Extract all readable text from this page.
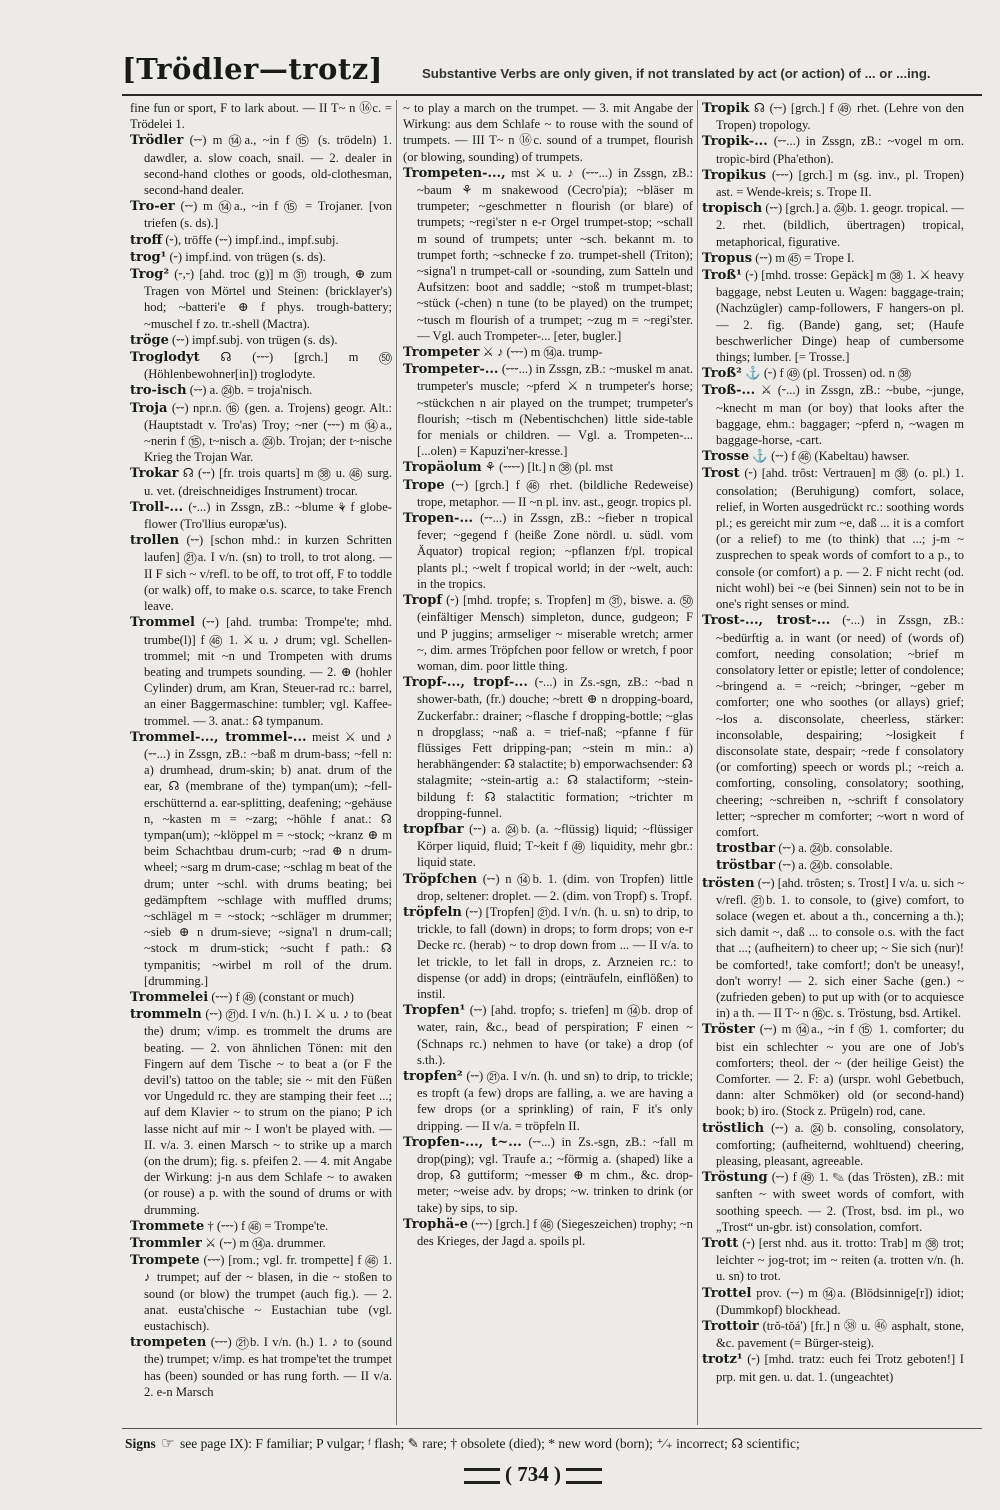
[Trödler—trotz]	Substantive Verbs are only given, if not translated by act (or action) of ... or ...ing.

fine fun or sport, F to lark about. — II T~ n ⑯c. = Trödelei 1.

Trödler (⏑⏑) m ⑭a., ~in f ⑮ (s. trödeln) 1. dawdler, a. slow coach, snail. — 2. dealer in second-hand clothes or goods, old-clothesman, second-hand dealer.

Tro-er (⏑⏑) m ⑭a., ~in f ⑮ = Trojaner. [von triefen (s. ds).]

troff (⏑), tröffe (⏑⏑) impf.ind., impf.subj.

trog¹ (⏑) impf.ind. von trügen (s. ds).

Trog² (⏑,⏑) [ahd. troc (g)] m ㉛ trough, ⊕ zum Tragen von Mörtel und Steinen: (bricklayer's) hod; ~batteri'e ⊕ f phys. trough-battery; ~muschel f zo. tr.-shell (Mactra).

tröge (⏑⏑) impf.subj. von trügen (s. ds).

Troglodyt ☊ (⏑⏑⏑) [grch.] m ㊿ (Höhlenbewohner[in]) troglodyte.

tro-isch (⏑⏑) a. ㉔b. = troja'nisch.

Troja (⏑⏑) npr.n. ⑯ (gen. a. Trojens) geogr. Alt.: (Hauptstadt v. Tro'as) Troy; ~ner (⏑⏑⏑) m ⑭a., ~nerin f ⑮, t~nisch a. ㉔b. Trojan; der t~nische Krieg the Trojan War.

Trokar ☊ (⏑⏑) [fr. trois quarts] m ㊳ u. ㊻ surg. u. vet. (dreischneidiges Instrument) trocar.

Troll-... (⏑...) in Zssgn, zB.: ~blume ⚘ f globe-flower (Tro'llius europæ'us).

trollen (⏑⏑) [schon mhd.: in kurzen Schritten laufen] ㉑a. I v/n. (sn) to troll, to trot along. — II F sich ~ v/refl. to be off, to trot off, F to toddle (or walk) off, to make o.s. scarce, to take French leave.

Trommel (⏑⏑) [ahd. trumba: Trompe'te; mhd. trumbe(l)] f ㊻ 1. ⚔ u. ♪ drum; vgl. Schellen-trommel; mit ~n und Trompeten with drums beating and trumpets sounding. — 2. ⊕ (hohler Cylinder) drum, am Kran, Steuer-rad rc.: barrel, an einer Baggermaschine: tumbler; vgl. Kaffee-trommel. — 3. anat.: ☊ tympanum.

Trommel-..., trommel-... meist ⚔ und ♪ (⏑⏑...) in Zssgn, zB.: ~baß m drum-bass; ~fell n: a) drumhead, drum-skin; b) anat. drum of the ear, ☊ (membrane of the) tympan(um); ~fell-erschütternd a. ear-splitting, deafening; ~gehäuse n, ~kasten m = ~zarg; ~höhle f anat.: ☊ tympan(um); ~klöppel m = ~stock; ~kranz ⊕ m beim Schachtbau drum-curb; ~rad ⊕ n drum-wheel; ~sarg m drum-case; ~schlag m beat of the drum; unter ~schl. with drums beating; bei gedämpftem ~schlage with muffled drums; ~schlägel m = ~stock; ~schläger m drummer; ~sieb ⊕ n drum-sieve; ~signa'l n drum-call; ~stock m drum-stick; ~sucht f path.: ☊ tympanitis; ~wirbel m roll of the drum. [drumming.]

Trommelei (⏑⏑⏑) f ㊾ (constant or much)

trommeln (⏑⏑) ㉑d. I v/n. (h.) I. ⚔ u. ♪ to (beat the) drum; v/imp. es trommelt the drums are beating. — 2. von ähnlichen Tönen: mit den Fingern auf dem Tische ~ to beat a (or F the devil's) tattoo on the table; sie ~ mit den Füßen vor Ungeduld rc. they are stamping their feet ...; auf dem Klavier ~ to strum on the piano; P ich lasse nicht auf mir ~ I won't be played with. — II. v/a. 3. einen Marsch ~ to strike up a march (on the drum); fig. s. pfeifen 2. — 4. mit Angabe der Wirkung: j-n aus dem Schlafe ~ to awaken (or rouse) a p. with the sound of drums or with drumming.

Trommete † (⏑⏑⏑) f ㊻ = Trompe'te.

Trommler ⚔ (⏑⏑) m ⑭a. drummer.

Trompete (⏑⏑⏑) [rom.; vgl. fr. trompette] f ㊻ 1. ♪ trumpet; auf der ~ blasen, in die ~ stoßen to sound (or blow) the trumpet (auch fig.). — 2. anat. eusta'chische ~ Eustachian tube (vgl. eustachisch).

trompeten (⏑⏑⏑) ㉑b. I v/n. (h.) 1. ♪ to (sound the) trumpet; v/imp. es hat trompe'tet the trumpet has (been) sounded or has rung forth. — II v/a. 2. e-n Marsch

~ to play a march on the trumpet. — 3. mit Angabe der Wirkung: aus dem Schlafe ~ to rouse with the sound of trumpets. — III T~ n ⑯c. sound of a trumpet, flourish (or blowing, sounding) of trumpets.

Trompeten-..., mst ⚔ u. ♪ (⏑⏑⏑...) in Zssgn, zB.: ~baum ⚘ m snakewood (Cecro'pia); ~bläser m trumpeter; ~geschmetter n flourish (or blare) of trumpets; ~regi'ster n e-r Orgel trumpet-stop; ~schall m sound of trumpets; unter ~sch. bekannt m. to trumpet forth; ~schnecke f zo. trumpet-shell (Triton); ~signa'l n trumpet-call or -sounding, zum Satteln und Aufsitzen: boot and saddle; ~stoß m trumpet-blast; ~stück (-chen) n tune (to be played) on the trumpet; ~tusch m flourish of a trumpet; ~zug m = ~regi'ster. — Vgl. auch Trompeter-... [eter, bugler.]

Trompeter ⚔ ♪ (⏑⏑⏑) m ⑭a. trump-

Trompeter-... (⏑⏑⏑...) in Zssgn, zB.: ~muskel m anat. trumpeter's muscle; ~pferd ⚔ n trumpeter's horse; ~stückchen n air played on the trumpet; trumpeter's flourish; ~tisch m (Nebentischchen) little side-table for menials or children. — Vgl. a. Trompeten-... [...olen) = Kapuzi'ner-kresse.]

Tropäolum ⚘ (⏑⏑⏑⏑) [lt.] n ㊳ (pl. mst

Trope (⏑⏑) [grch.] f ㊻ rhet. (bildliche Redeweise) trope, metaphor. — II ~n pl. inv. ast., geogr. tropics pl.

Tropen-... (⏑⏑...) in Zssgn, zB.: ~fieber n tropical fever; ~gegend f (heiße Zone nördl. u. südl. vom Äquator) tropical region; ~pflanzen f/pl. tropical plants pl.; ~welt f tropical world; in der ~welt, auch: in the tropics.

Tropf (⏑) [mhd. tropfe; s. Tropfen] m ㉛, biswe. a. ㊿ (einfältiger Mensch) simpleton, dunce, gudgeon; F und P juggins; armseliger ~ miserable wretch; armer ~, dim. armes Tröpfchen poor fellow or wretch, f poor woman, dim. poor little thing.

Tropf-..., tropf-... (⏑...) in Zs.-sgn, zB.: ~bad n shower-bath, (fr.) douche; ~brett ⊕ n dropping-board, Zuckerfabr.: drainer; ~flasche f dropping-bottle; ~glas n dropglass; ~naß a. = trief-naß; ~pfanne f für flüssiges Fett dripping-pan; ~stein m min.: a) herabhängender: ☊ stalactite; b) emporwachsender: ☊ stalagmite; ~stein-artig a.: ☊ stalactiform; ~stein-bildung f: ☊ stalactitic formation; ~trichter m dropping-funnel.

tropfbar (⏑⏑) a. ㉔b. (a. ~flüssig) liquid; ~flüssiger Körper liquid, fluid; T~keit f ㊾ liquidity, mehr gbr.: liquid state.

Tröpfchen (⏑⏑) n ⑭b. 1. (dim. von Tropfen) little drop, seltener: droplet. — 2. (dim. von Tropf) s. Tropf.

tröpfeln (⏑⏑) [Tropfen] ㉑d. I v/n. (h. u. sn) to drip, to trickle, to fall (down) in drops; to form drops; von e-r Decke rc. (herab) ~ to drop down from ... — II v/a. to let trickle, to let fall in drops, z. Arzneien rc.: to dispense (or add) in drops; (einträufeln, einflößen) to instil.

Tropfen¹ (⏑⏑) [ahd. tropfo; s. triefen] m ⑭b. drop of water, rain, &c., bead of perspiration; F einen ~ (Schnaps rc.) nehmen to have (or take) a drop (of s.th.).

tropfen² (⏑⏑) ㉑a. I v/n. (h. und sn) to drip, to trickle; es tropft (a few) drops are falling, a. we are having a few drops (or a sprinkling) of rain, F it's only dripping. — II v/a. = tröpfeln II.

Tropfen-..., t~... (⏑⏑...) in Zs.-sgn, zB.: ~fall m drop(ping); vgl. Traufe a.; ~förmig a. (shaped) like a drop, ☊ guttiform; ~messer ⊕ m chm., &c. drop-meter; ~weise adv. by drops; ~w. trinken to drink (or take) by sips, to sip.

Trophä-e (⏑⏑⏑) [grch.] f ㊻ (Siegeszeichen) trophy; ~n des Krieges, der Jagd a. spoils pl.

Tropik ☊ (⏑⏑) [grch.] f ㊾ rhet. (Lehre von den Tropen) tropology.

Tropik-... (⏑⏑...) in Zssgn, zB.: ~vogel m orn. tropic-bird (Pha'ethon).

Tropikus (⏑⏑⏑) [grch.] m (sg. inv., pl. Tropen) ast. = Wende-kreis; s. Trope II.

tropisch (⏑⏑) [grch.] a. ㉔b. 1. geogr. tropical. — 2. rhet. (bildlich, übertragen) tropical, metaphorical, figurative.

Tropus (⏑⏑) m ㊺ = Trope I.

Troß¹ (⏑) [mhd. trosse: Gepäck] m ㊳ 1. ⚔ heavy baggage, nebst Leuten u. Wagen: baggage-train; (Nachzügler) camp-followers, F hangers-on pl. — 2. fig. (Bande) gang, set; (Haufe beschwerlicher Dinge) heap of cumbersome things; lumber. [= Trosse.]

Troß² ⚓ (⏑) f ㊾ (pl. Trossen) od. n ㊳

Troß-... ⚔ (⏑...) in Zssgn, zB.: ~bube, ~junge, ~knecht m man (or boy) that looks after the baggage, ehm.: baggager; ~pferd n, ~wagen m baggage-horse, -cart.

Trosse ⚓ (⏑⏑) f ㊻ (Kabeltau) hawser.

Trost (⏑) [ahd. trôst: Vertrauen] m ㊳ (o. pl.) 1. consolation; (Beruhigung) comfort, solace, relief, in Worten ausgedrückt rc.: soothing words pl.; es gereicht mir zum ~e, daß ... it is a comfort (or a relief) to me (to think) that ...; j-m ~ zusprechen to speak words of comfort to a p., to console (or comfort) a p. — 2. F nicht recht (od. nicht wohl) bei ~e (bei Sinnen) sein not to be in one's right senses or mind.

Trost-..., trost-... (⏑...) in Zssgn, zB.: ~bedürftig a. in want (or need) of (words of) comfort, needing consolation; ~brief m consolatory letter or epistle; letter of condolence; ~bringend a. = ~reich; ~bringer, ~geber m comforter; one who soothes (or allays) grief; ~los a. disconsolate, cheerless, stärker: inconsolable, despairing; ~losigkeit f disconsolate state, despair; ~rede f consolatory (or comforting) speech or words pl.; ~reich a. comforting, consoling, consolatory; soothing, cheering; ~schreiben n, ~schrift f consolatory letter; ~sprecher m comforter; ~wort n word of comfort.

trostbar (⏑⏑) a. ㉔b. consolable.

tröstbar (⏑⏑) a. ㉔b. consolable.

trösten (⏑⏑) [ahd. trôsten; s. Trost] I v/a. u. sich ~ v/refl. ㉑b. 1. to console, to (give) comfort, to solace (wegen et. about a th., concerning a th.); sich damit ~, daß ... to console o.s. with the fact that ...; (aufheitern) to cheer up; ~ Sie sich (nur)! be comforted!, take comfort!; don't be uneasy!, don't worry! — 2. sich einer Sache (gen.) ~ (zufrieden geben) to put up with (or to acquiesce in) a th. — II T~ n ⑯c. s. Tröstung, bsd. Artikel.

Tröster (⏑⏑) m ⑭a., ~in f ⑮ 1. comforter; du bist ein schlechter ~ you are one of Job's comforters; theol. der ~ (der heilige Geist) the Comforter. — 2. F: a) (urspr. wohl Gebetbuch, dann: alter Schmöker) old (or second-hand) book; b) iro. (Stock z. Prügeln) rod, cane.

tröstlich (⏑⏑) a. ㉔b. consoling, consolatory, comforting; (aufheiternd, wohltuend) cheering, pleasing, pleasant, agreeable.

Tröstung (⏑⏑) f ㊾ 1. ✎ (das Trösten), zB.: mit sanften ~ with sweet words of comfort, with soothing speech. — 2. (Trost, bsd. im pl., wo „Trost“ un-gbr. ist) consolation, comfort.

Trott (⏑) [erst nhd. aus it. trotto: Trab] m ㊳ trot; leichter ~ jog-trot; im ~ reiten (a. trotten v/n. (h. u. sn) to trot.

Trottel prov. (⏑⏑) m ⑭a. (Blödsinnige[r]) idiot; (Dummkopf) blockhead.

Trottoir (trŏ-tŏá') [fr.] n ㊳ u. ㊻ asphalt, stone, &c. pavement (= Bürger-steig).

trotz¹ (⏑) [mhd. tratz: euch fei Trotz geboten!] I prp. mit gen. u. dat. 1. (ungeachtet)

Signs ☞ see page IX): F familiar; P vulgar; ᶠ flash; ✎ rare; † obsolete (died); * new word (born); ⁺⁄₊ incorrect; ☊ scientific;
( 734 )
